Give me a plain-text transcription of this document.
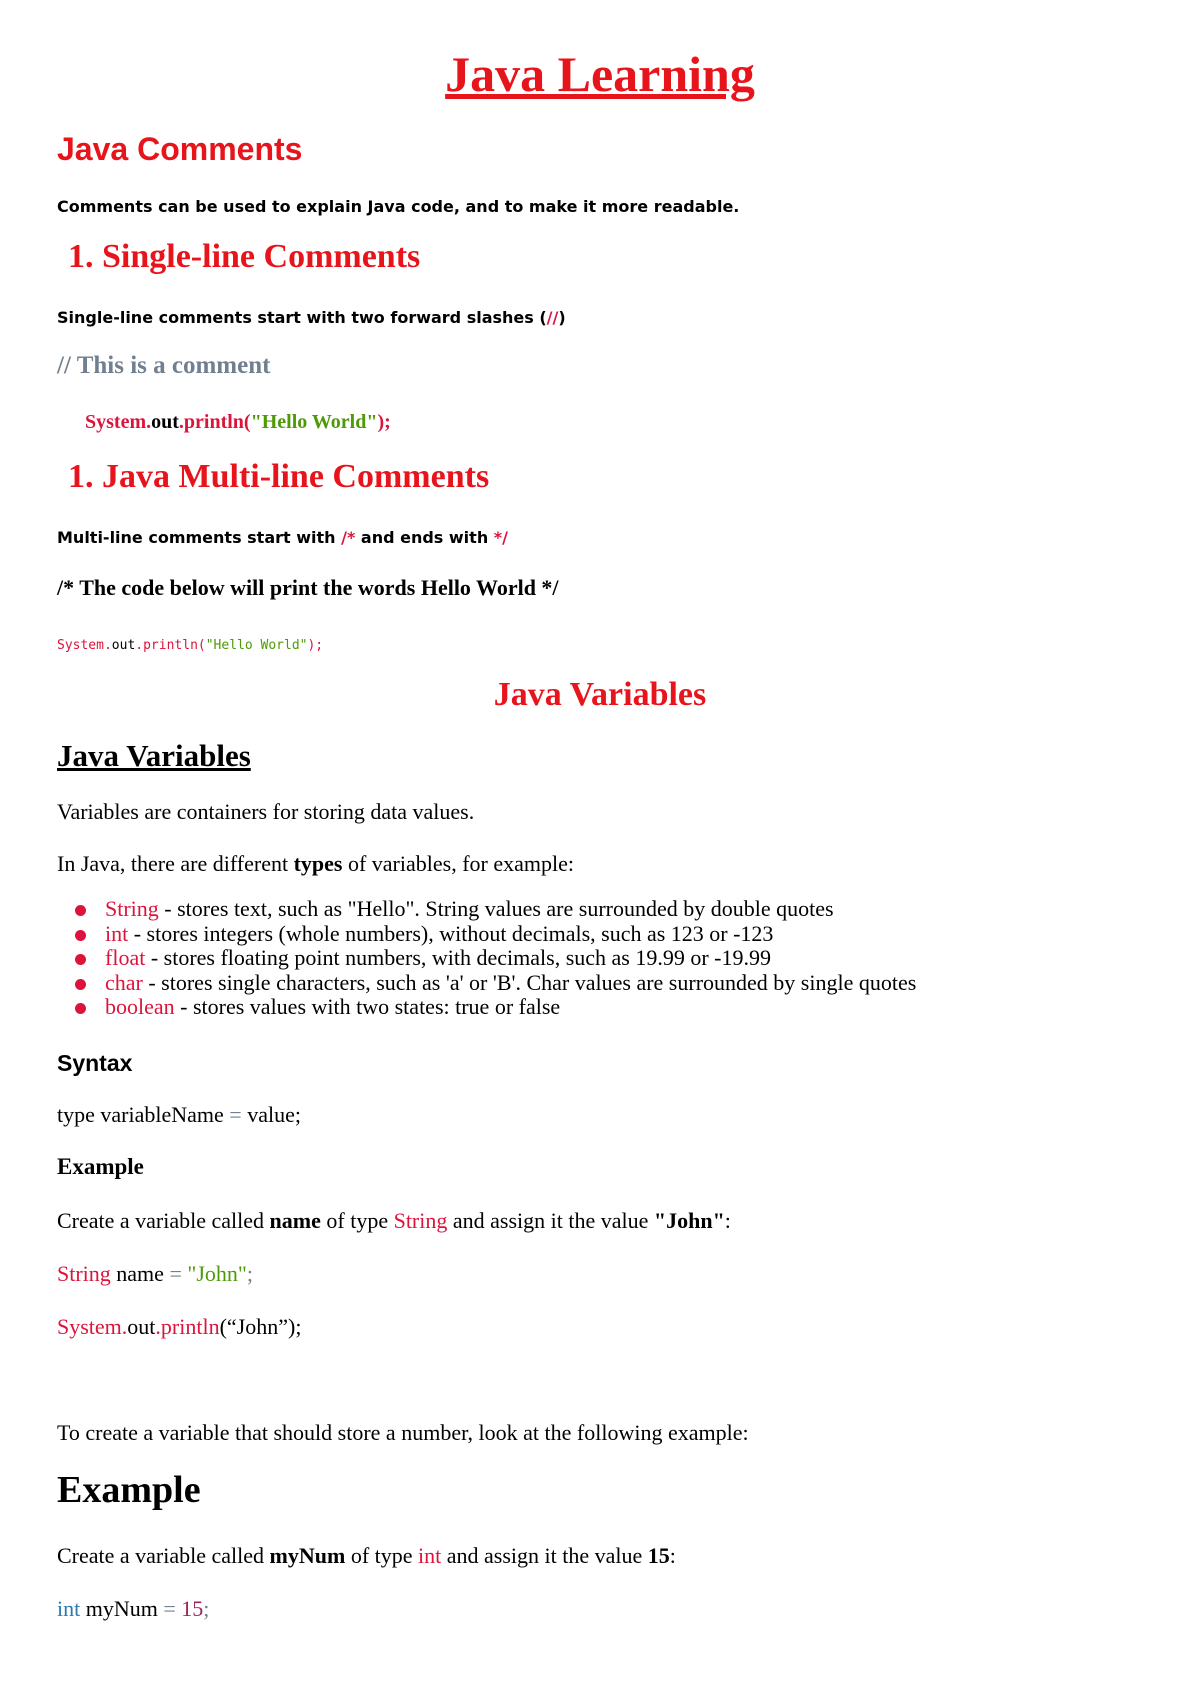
Java Learning
Java Comments

Comments can be used to explain Java code, and to make it more readable.

1. Single-line Comments

Single-line comments start with two forward slashes (//)

// This is a comment

System.out.println("Hello World");

1. Java Multi-line Comments

Multi-line comments start with /* and ends with */

/* The code below will print the words Hello World */

System.out.println("Hello World");

Java Variables
Java Variables

Variables are containers for storing data values.

In Java, there are different types of variables, for example:

String - stores text, such as "Hello". String values are surrounded by double quotes
int - stores integers (whole numbers), without decimals, such as 123 or -123
float - stores floating point numbers, with decimals, such as 19.99 or -19.99
char - stores single characters, such as 'a' or 'B'. Char values are surrounded by single quotes
boolean - stores values with two states: true or false
Syntax

type variableName = value;

Example

Create a variable called name of type String and assign it the value "John":

String name = "John";

System.out.println(“John”);

To create a variable that should store a number, look at the following example:

Example

Create a variable called myNum of type int and assign it the value 15:

int myNum = 15;
